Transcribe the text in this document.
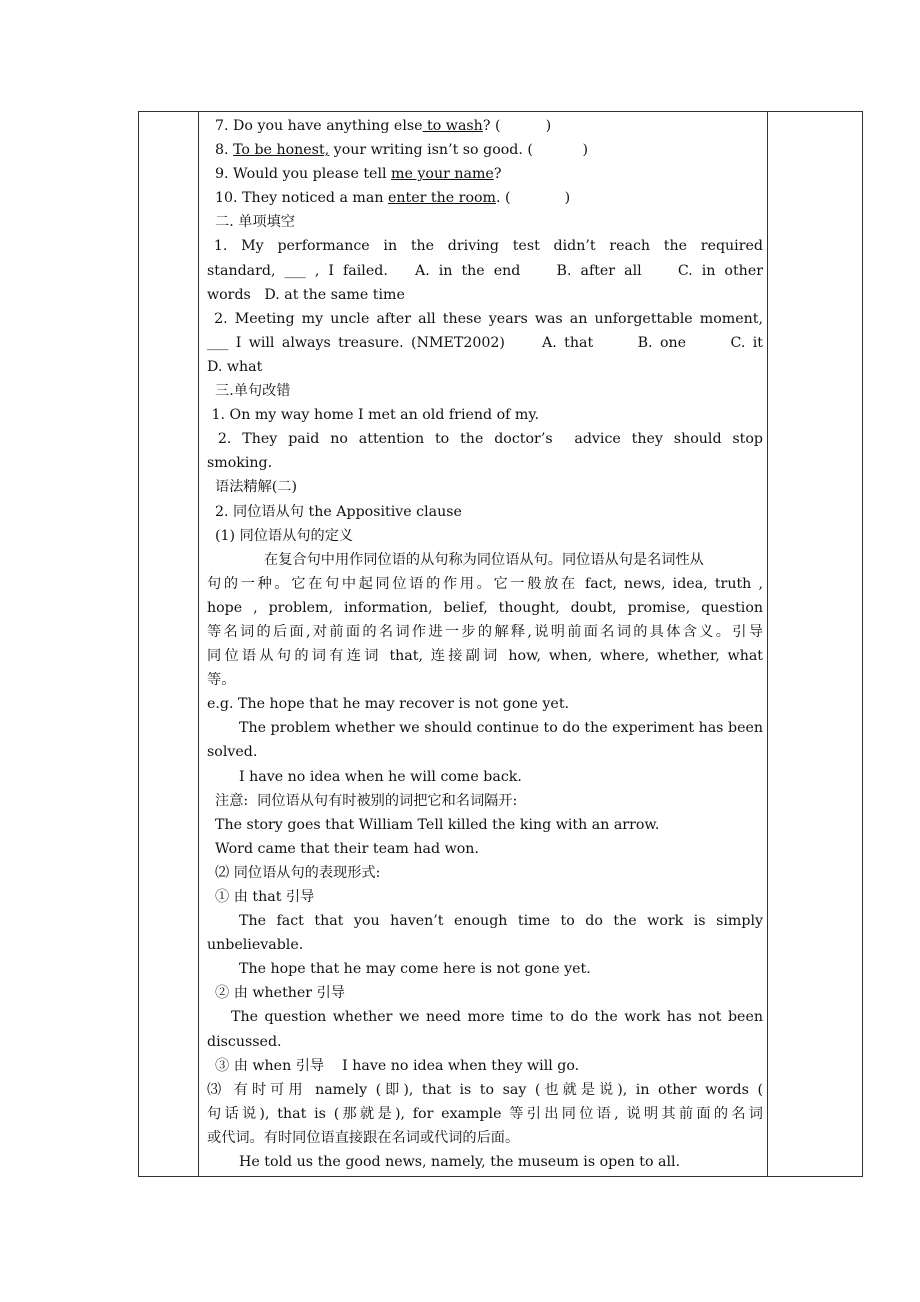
7. Do you have anything else to wash? (          )
8. To be honest, your writing isn’t so good. (           )
9. Would you please tell me your name?
10. They noticed a man enter the room. (            )
二. 单项填空
1.  My  performance  in  the  driving  test  didn’t  reach  the  required
standard, ___ , I failed.   A. in the end    B. after all    C. in other
words   D. at the same time
2. Meeting my uncle after all these years was an unforgettable moment,
___ I will always treasure. (NMET2002)     A. that      B. one      C. it
D. what
三.单句改错
1. On my way home I met an old friend of my.
2. They paid no attention to the doctor’s  advice they should stop
smoking.
语法精解(二)
2. 同位语从句 the Appositive clause
(1) 同位语从句的定义
在复合句中用作同位语的从句称为同位语从句。同位语从句是名词性从
句的一种。它在句中起同位语的作用。它一般放在 fact, news, idea, truth ,
hope , problem, information, belief, thought, doubt, promise, question
等名词的后面,对前面的名词作进一步的解释,说明前面名词的具体含义。引导
同位语从句的词有连词 that, 连接副词 how, when, where, whether, what
等。
e.g. The hope that he may recover is not gone yet.
The problem whether we should continue to do the experiment has been
solved.
I have no idea when he will come back.
注意:  同位语从句有时被别的词把它和名词隔开:
The story goes that William Tell killed the king with an arrow.
Word came that their team had won.
⑵ 同位语从句的表现形式:
① 由 that 引导
The fact that you haven’t enough time to do the work is simply
unbelievable.
The hope that he may come here is not gone yet.
② 由 whether 引导
The question whether we need more time to do the work has not been
discussed.
③ 由 when 引导    I have no idea when they will go.
⑶ 有时可用 namely (即), that is to say (也就是说), in other words (
句话说), that is (那就是), for example 等引出同位语, 说明其前面的名词
或代词。有时同位语直接跟在名词或代词的后面。
He told us the good news, namely, the museum is open to all.
